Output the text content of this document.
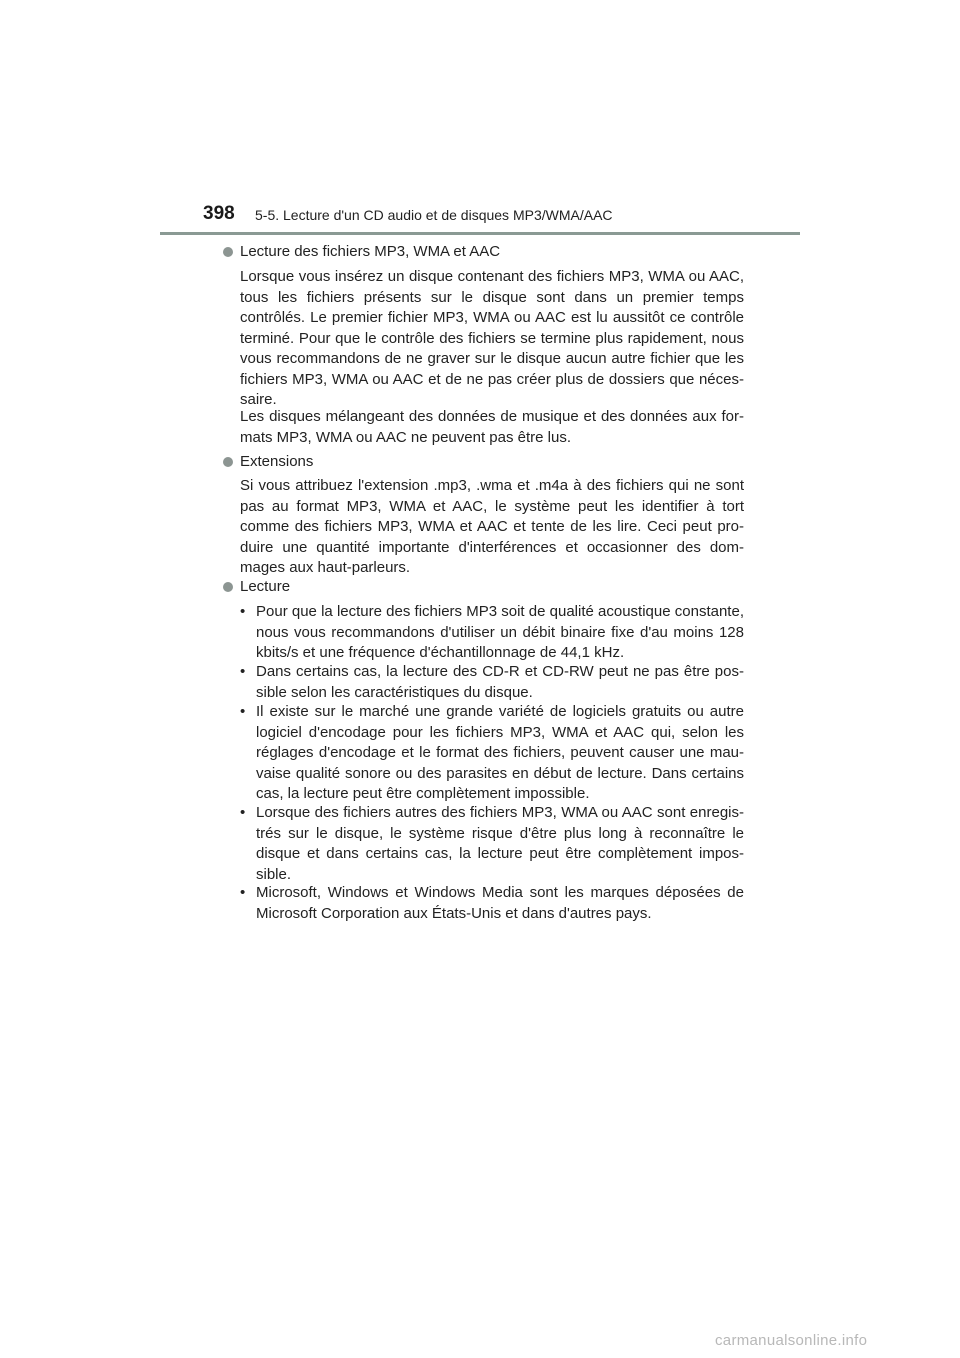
398 5-5. Lecture d'un CD audio et de disques MP3/WMA/AAC
Lecture des fichiers MP3, WMA et AAC

Lorsque vous insérez un disque contenant des fichiers MP3, WMA ou AAC, tous les fichiers présents sur le disque sont dans un premier temps contrôlés. Le premier fichier MP3, WMA ou AAC est lu aussitôt ce contrôle terminé. Pour que le contrôle des fichiers se termine plus rapidement, nous vous recommandons de ne graver sur le disque aucun autre fichier que les fichiers MP3, WMA ou AAC et de ne pas créer plus de dossiers que néces-saire.

Les disques mélangeant des données de musique et des données aux for-mats MP3, WMA ou AAC ne peuvent pas être lus.

Extensions

Si vous attribuez l'extension .mp3, .wma et .m4a à des fichiers qui ne sont pas au format MP3, WMA et AAC, le système peut les identifier à tort comme des fichiers MP3, WMA et AAC et tente de les lire. Ceci peut pro-duire une quantité importante d'interférences et occasionner des dom-mages aux haut-parleurs.

Lecture
• Pour que la lecture des fichiers MP3 soit de qualité acoustique constante, nous vous recommandons d'utiliser un débit binaire fixe d'au moins 128 kbits/s et une fréquence d'échantillonnage de 44,1 kHz.

• Dans certains cas, la lecture des CD-R et CD-RW peut ne pas être pos-sible selon les caractéristiques du disque.

• Il existe sur le marché une grande variété de logiciels gratuits ou autre logiciel d'encodage pour les fichiers MP3, WMA et AAC qui, selon les réglages d'encodage et le format des fichiers, peuvent causer une mau-vaise qualité sonore ou des parasites en début de lecture. Dans certains cas, la lecture peut être complètement impossible.

• Lorsque des fichiers autres des fichiers MP3, WMA ou AAC sont enregis-trés sur le disque, le système risque d'être plus long à reconnaître le disque et dans certains cas, la lecture peut être complètement impos-sible.

• Microsoft, Windows et Windows Media sont les marques déposées de Microsoft Corporation aux États-Unis et dans d'autres pays.

carmanualsonline.info
